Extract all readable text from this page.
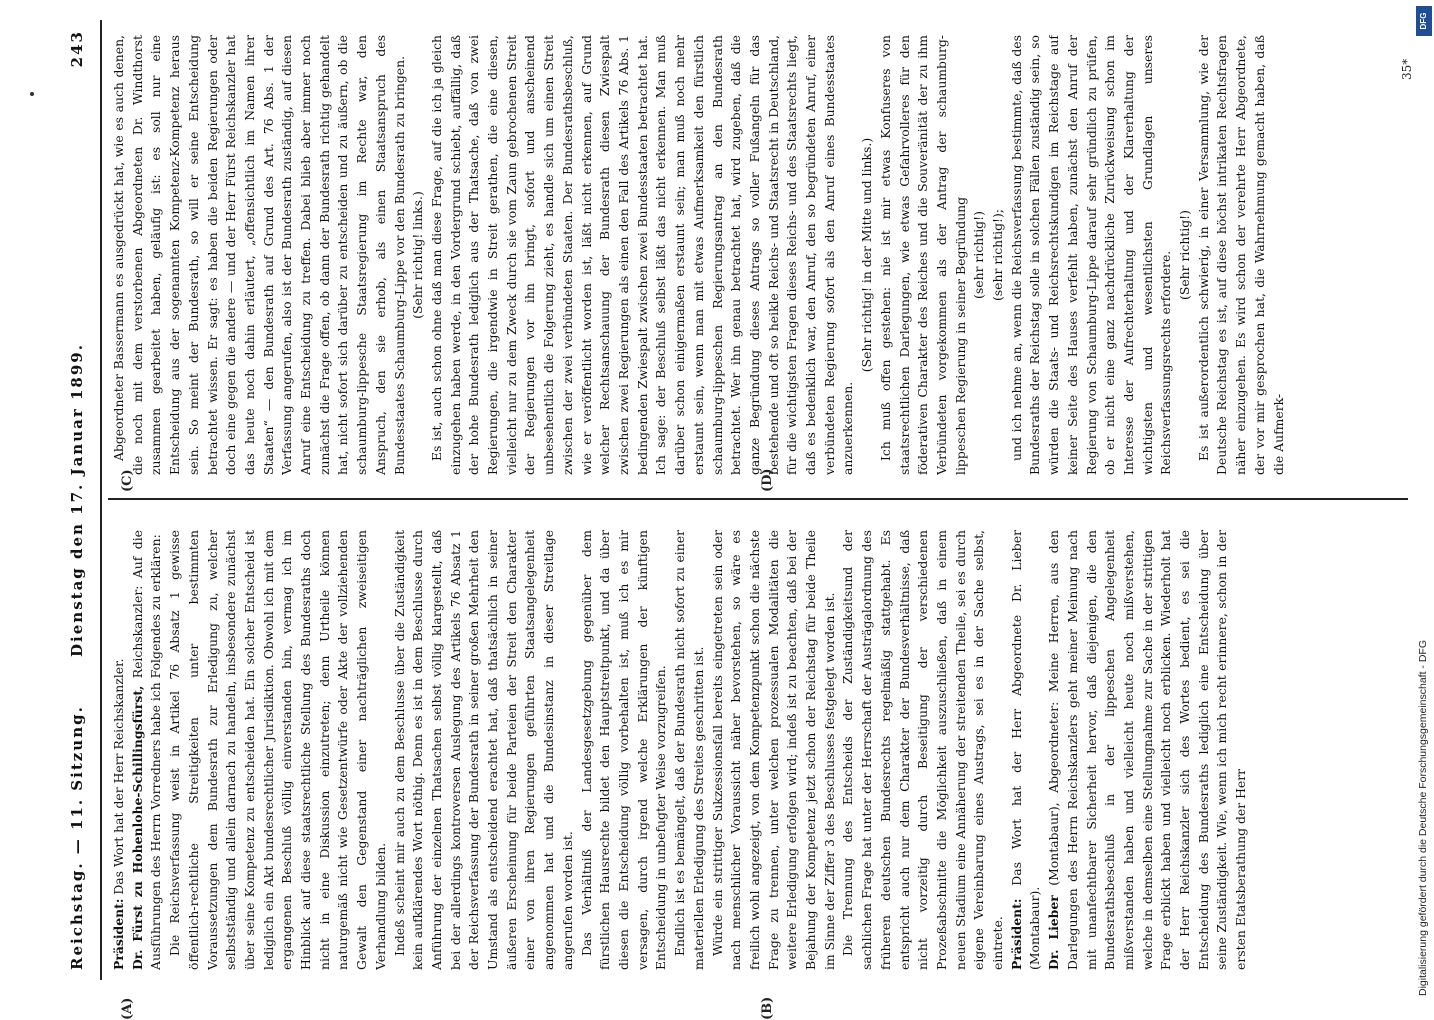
Reichstag. — 11. Sitzung.
Dienstag den 17. Januar 1899.
243
(A)	(B)
(C)	(D)

Präsident: Das Wort hat der Herr Reichskanzler. Dr. Fürst zu Hohenlohe-Schillingsfürst, Reichskanzler: Auf die Ausführungen des Herrn Vorredners habe ich Folgendes zu erklären: Die Reichsverfassung weist in Artikel 76 Absatz 1 gewisse öffentlich-rechtliche Streitigkeiten unter bestimmten Voraussetzungen dem Bundesrath zur Erledigung zu, welcher selbstständig und allein darnach zu handeln, insbesondere zunächst über seine Kompetenz zu entscheiden hat. Ein solcher Entscheid ist lediglich ein Akt bundesrechtlicher Jurisdiktion. Obwohl ich mit dem ergangenen Beschluß völlig einverstanden bin, vermag ich im Hinblick auf diese staatsrechtliche Stellung des Bundesraths doch nicht in eine Diskussion einzutreten; denn Urtheile können naturgemäß nicht wie Gesetzentwürfe oder Akte der vollziehenden Gewalt den Gegenstand einer nachträglichen zweiseitigen Verhandlung bilden. Indeß scheint mir auch zu dem Beschlusse über die Zuständigkeit kein aufklärendes Wort nöthig. Denn es ist in dem Beschlusse durch Anführung der einzelnen Thatsachen selbst völlig klargestellt, daß bei der allerdings kontroversen Auslegung des Artikels 76 Absatz 1 der Reichsverfassung der Bundesrath in seiner großen Mehrheit den Umstand als entscheidend erachtet hat, daß thatsächlich in seiner äußeren Erscheinung für beide Parteien der Streit den Charakter einer von ihren Regierungen geführten Staatsangelegenheit angenommen hat und die Bundesinstanz in dieser Streitlage angerufen worden ist. Das Verhältniß der Landesgesetzgebung gegenüber dem fürstlichen Hausrechte bildet den Hauptstreitpunkt, und da über diesen die Entscheidung völlig vorbehalten ist, muß ich es mir versagen, durch irgend welche Erklärungen der künftigen Entscheidung in unbefugter Weise vorzugreifen. Endlich ist es bemängelt, daß der Bundesrath nicht sofort zu einer materiellen Erledigung des Streites geschritten ist. Würde ein strittiger Sukzessionsfall bereits eingetreten sein oder nach menschlicher Voraussicht näher bevorstehen, so wäre es freilich wohl angezeigt, von dem Kompetenzpunkt schon die nächste Frage zu trennen, unter welchen prozessualen Modalitäten die weitere Erledigung erfolgen wird; indeß ist zu beachten, daß bei der Bejahung der Kompetenz jetzt schon der Reichstag für beide Theile im Sinne der Ziffer 3 des Beschlusses festgelegt worden ist. Die Trennung des Entscheids der Zuständigkeitsund der sachlichen Frage hat unter der Herrschaft der Austrägalordnung des früheren deutschen Bundesrechts regelmäßig stattgehabt. Es entspricht auch nur dem Charakter der Bundesverhältnisse, daß nicht vorzeitig durch Beseitigung der verschiedenen Prozeßabschnitte die Möglichkeit auszuschließen, daß in einem neuen Stadium eine Annäherung der streitenden Theile, sei es durch eigene Vereinbarung eines Austrags, sei es in der Sache selbst, eintrete. Präsident: Das Wort hat der Herr Abgeordnete Dr. Lieber (Montabaur). Dr. Lieber (Montabaur), Abgeordneter: Meine Herren, aus den Darlegungen des Herrn Reichskanzlers geht meiner Meinung nach mit unanfechtbarer Sicherheit hervor, daß diejenigen, die den Bundesrathsbeschluß in der lippeschen Angelegenheit mißverstanden haben und vielleicht heute noch mißverstehen, welche in demselben eine Stellungnahme zur Sache in der strittigen Frage erblickt haben und vielleicht noch erblicken. Wiederholt hat der Herr Reichskanzler sich des Wortes bedient, es sei die Entscheidung des Bundesraths lediglich eine Entscheidung über seine Zuständigkeit. Wie, wenn ich mich recht erinnere, schon in der ersten Etatsberathung der Herr

Abgeordneter Bassermann es ausgedrückt hat, wie es auch denen, die noch mit dem verstorbenen Abgeordneten Dr. Windthorst zusammen gearbeitet haben, geläufig ist: es soll nur eine Entscheidung aus der sogenannten Kompetenz-Kompetenz heraus sein. So meint der Bundesrath, so will er seine Entscheidung betrachtet wissen. Er sagt: es haben die beiden Regierungen oder doch eine gegen die andere — und der Herr Fürst Reichskanzler hat das heute noch dahin erläutert, „offensichtlich im Namen ihrer Staaten“ — den Bundesrath auf Grund des Art. 76 Abs. 1 der Verfassung angerufen, also ist der Bundesrath zuständig, auf diesen Anruf eine Entscheidung zu treffen. Dabei blieb aber immer noch zunächst die Frage offen, ob dann der Bundesrath richtig gehandelt hat, nicht sofort sich darüber zu entscheiden und zu äußern, ob die schaumburg-lippesche Staatsregierung im Rechte war, den Anspruch, den sie erhob, als einen Staatsanspruch des Bundesstaates Schaumburg-Lippe vor den Bundesrath zu bringen. (Sehr richtig! links.) Es ist, auch schon ohne daß man diese Frage, auf die ich ja gleich einzugehen haben werde, in den Vordergrund schiebt, auffällig, daß der hohe Bundesrath lediglich aus der Thatsache, daß von zwei Regierungen, die irgendwie in Streit gerathen, die eine diesen, vielleicht nur zu dem Zweck durch sie vom Zaun gebrochenen Streit der Regierungen vor ihn bringt, sofort und anscheinend unbesehentlich die Folgerung zieht, es handle sich um einen Streit zwischen der zwei verbündeten Staaten. Der Bundesrathsbeschluß, wie er veröffentlicht worden ist, läßt nicht erkennen, auf Grund welcher Rechtsanschauung der Bundesrath diesen Zwiespalt zwischen zwei Regierungen als einen den Fall des Artikels 76 Abs. 1 bedingenden Zwiespalt zwischen zwei Bundesstaaten betrachtet hat. Ich sage: der Beschluß selbst läßt das nicht erkennen. Man muß darüber schon einigermaßen erstaunt sein; man muß noch mehr erstaunt sein, wenn man mit etwas Aufmerksamkeit den fürstlich schaumburg-lippeschen Regierungsantrag an den Bundesrath betrachtet. Wer ihn genau betrachtet hat, wird zugeben, daß die ganze Begründung dieses Antrags so voller Fußangeln für das bestehende und oft so heikle Reichs- und Staatsrecht in Deutschland, für die wichtigsten Fragen dieses Reichs- und des Staatsrechts liegt, daß es bedenklich war, den Anruf, den so begründeten Anruf, einer verbündeten Regierung sofort als den Anruf eines Bundesstaates anzuerkennen.

(Sehr richtig! in der Mitte und links.) Ich muß offen gestehen: nie ist mir etwas Konfuseres von staatsrechtlichen Darlegungen, wie etwas Gefahrvolleres für den föderativen Charakter des Reiches und die Souveränität der zu ihm Verbündeten vorgekommen als der Antrag der schaumburg-lippeschen Regierung in seiner Begründung (sehr richtig!) (sehr richtig!); und ich nehme an, wenn die Reichsverfassung bestimmte, daß des Bundesraths der Reichstag solle in solchen Fällen zuständig sein, so würden die Staats- und Reichsrechtskundigen im Reichstage auf keiner Seite des Hauses verfehlt haben, zunächst den Anruf der Regierung von Schaumburg-Lippe darauf sehr gründlich zu prüfen, ob er nicht eine ganz nachdrückliche Zurückweisung schon im Interesse der Aufrechterhaltung und der Klarerhaltung der wichtigsten und wesentlichsten Grundlagen unseres Reichsverfassungsrechts erfordere. (Sehr richtig!) Es ist außerordentlich schwierig, in einer Versammlung, wie der Deutsche Reichstag es ist, auf diese höchst intrikaten Rechtsfragen näher einzugehen. Es wird schon der verehrte Herr Abgeordnete, der vor mir gesprochen hat, die Wahrnehmung gemacht haben, daß die Aufmerk-

35*
Digitalisierung gefördert durch die Deutsche Forschungsgemeinschaft - DFG
DFG
